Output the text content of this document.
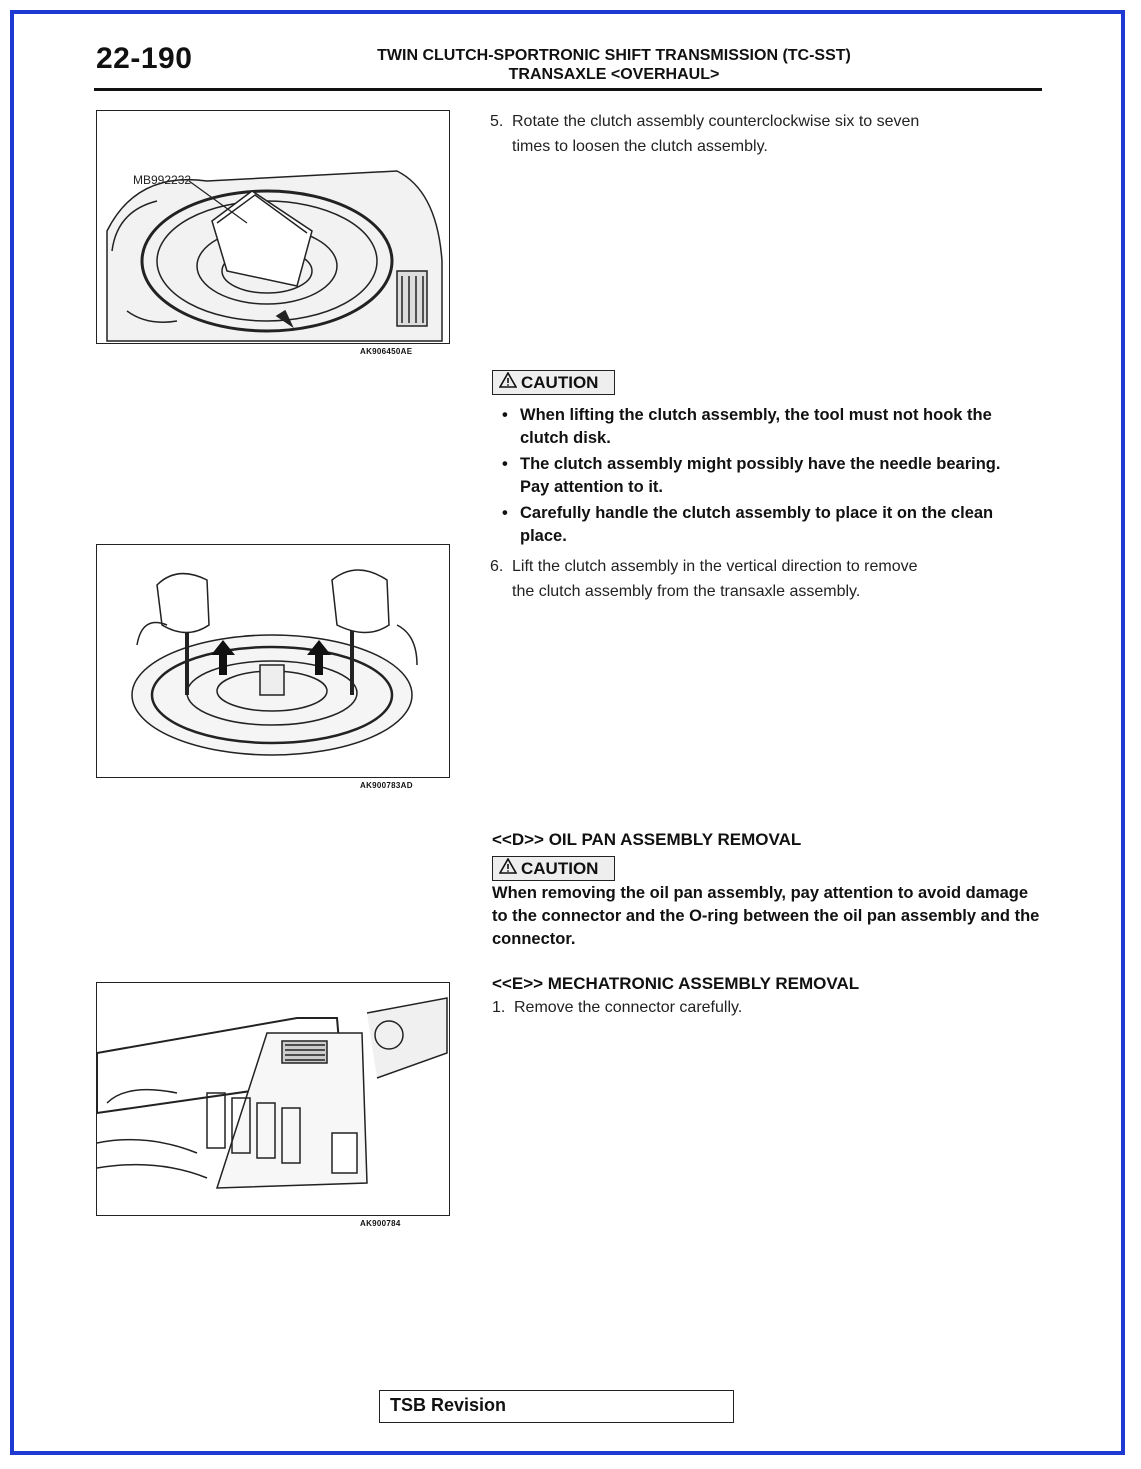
22-190	TWIN CLUTCH-SPORTRONIC SHIFT TRANSMISSION (TC-SST)
TRANSAXLE <OVERHAUL>
MB992232
AK906450AE
5. Rotate the clutch assembly counterclockwise six to seven
times to loosen the clutch assembly.
CAUTION
• When lifting the clutch assembly, the tool must not hook the clutch disk.
• The clutch assembly might possibly have the needle bearing. Pay attention to it.
• Carefully handle the clutch assembly to place it on the clean place.
AK900783AD
6. Lift the clutch assembly in the vertical direction to remove
the clutch assembly from the transaxle assembly.
<<D>> OIL PAN ASSEMBLY REMOVAL
CAUTION
When removing the oil pan assembly, pay attention to avoid damage to the connector and the O-ring between the oil pan assembly and the connector.
<<E>> MECHATRONIC ASSEMBLY REMOVAL
1. Remove the connector carefully.
AK900784
TSB Revision
